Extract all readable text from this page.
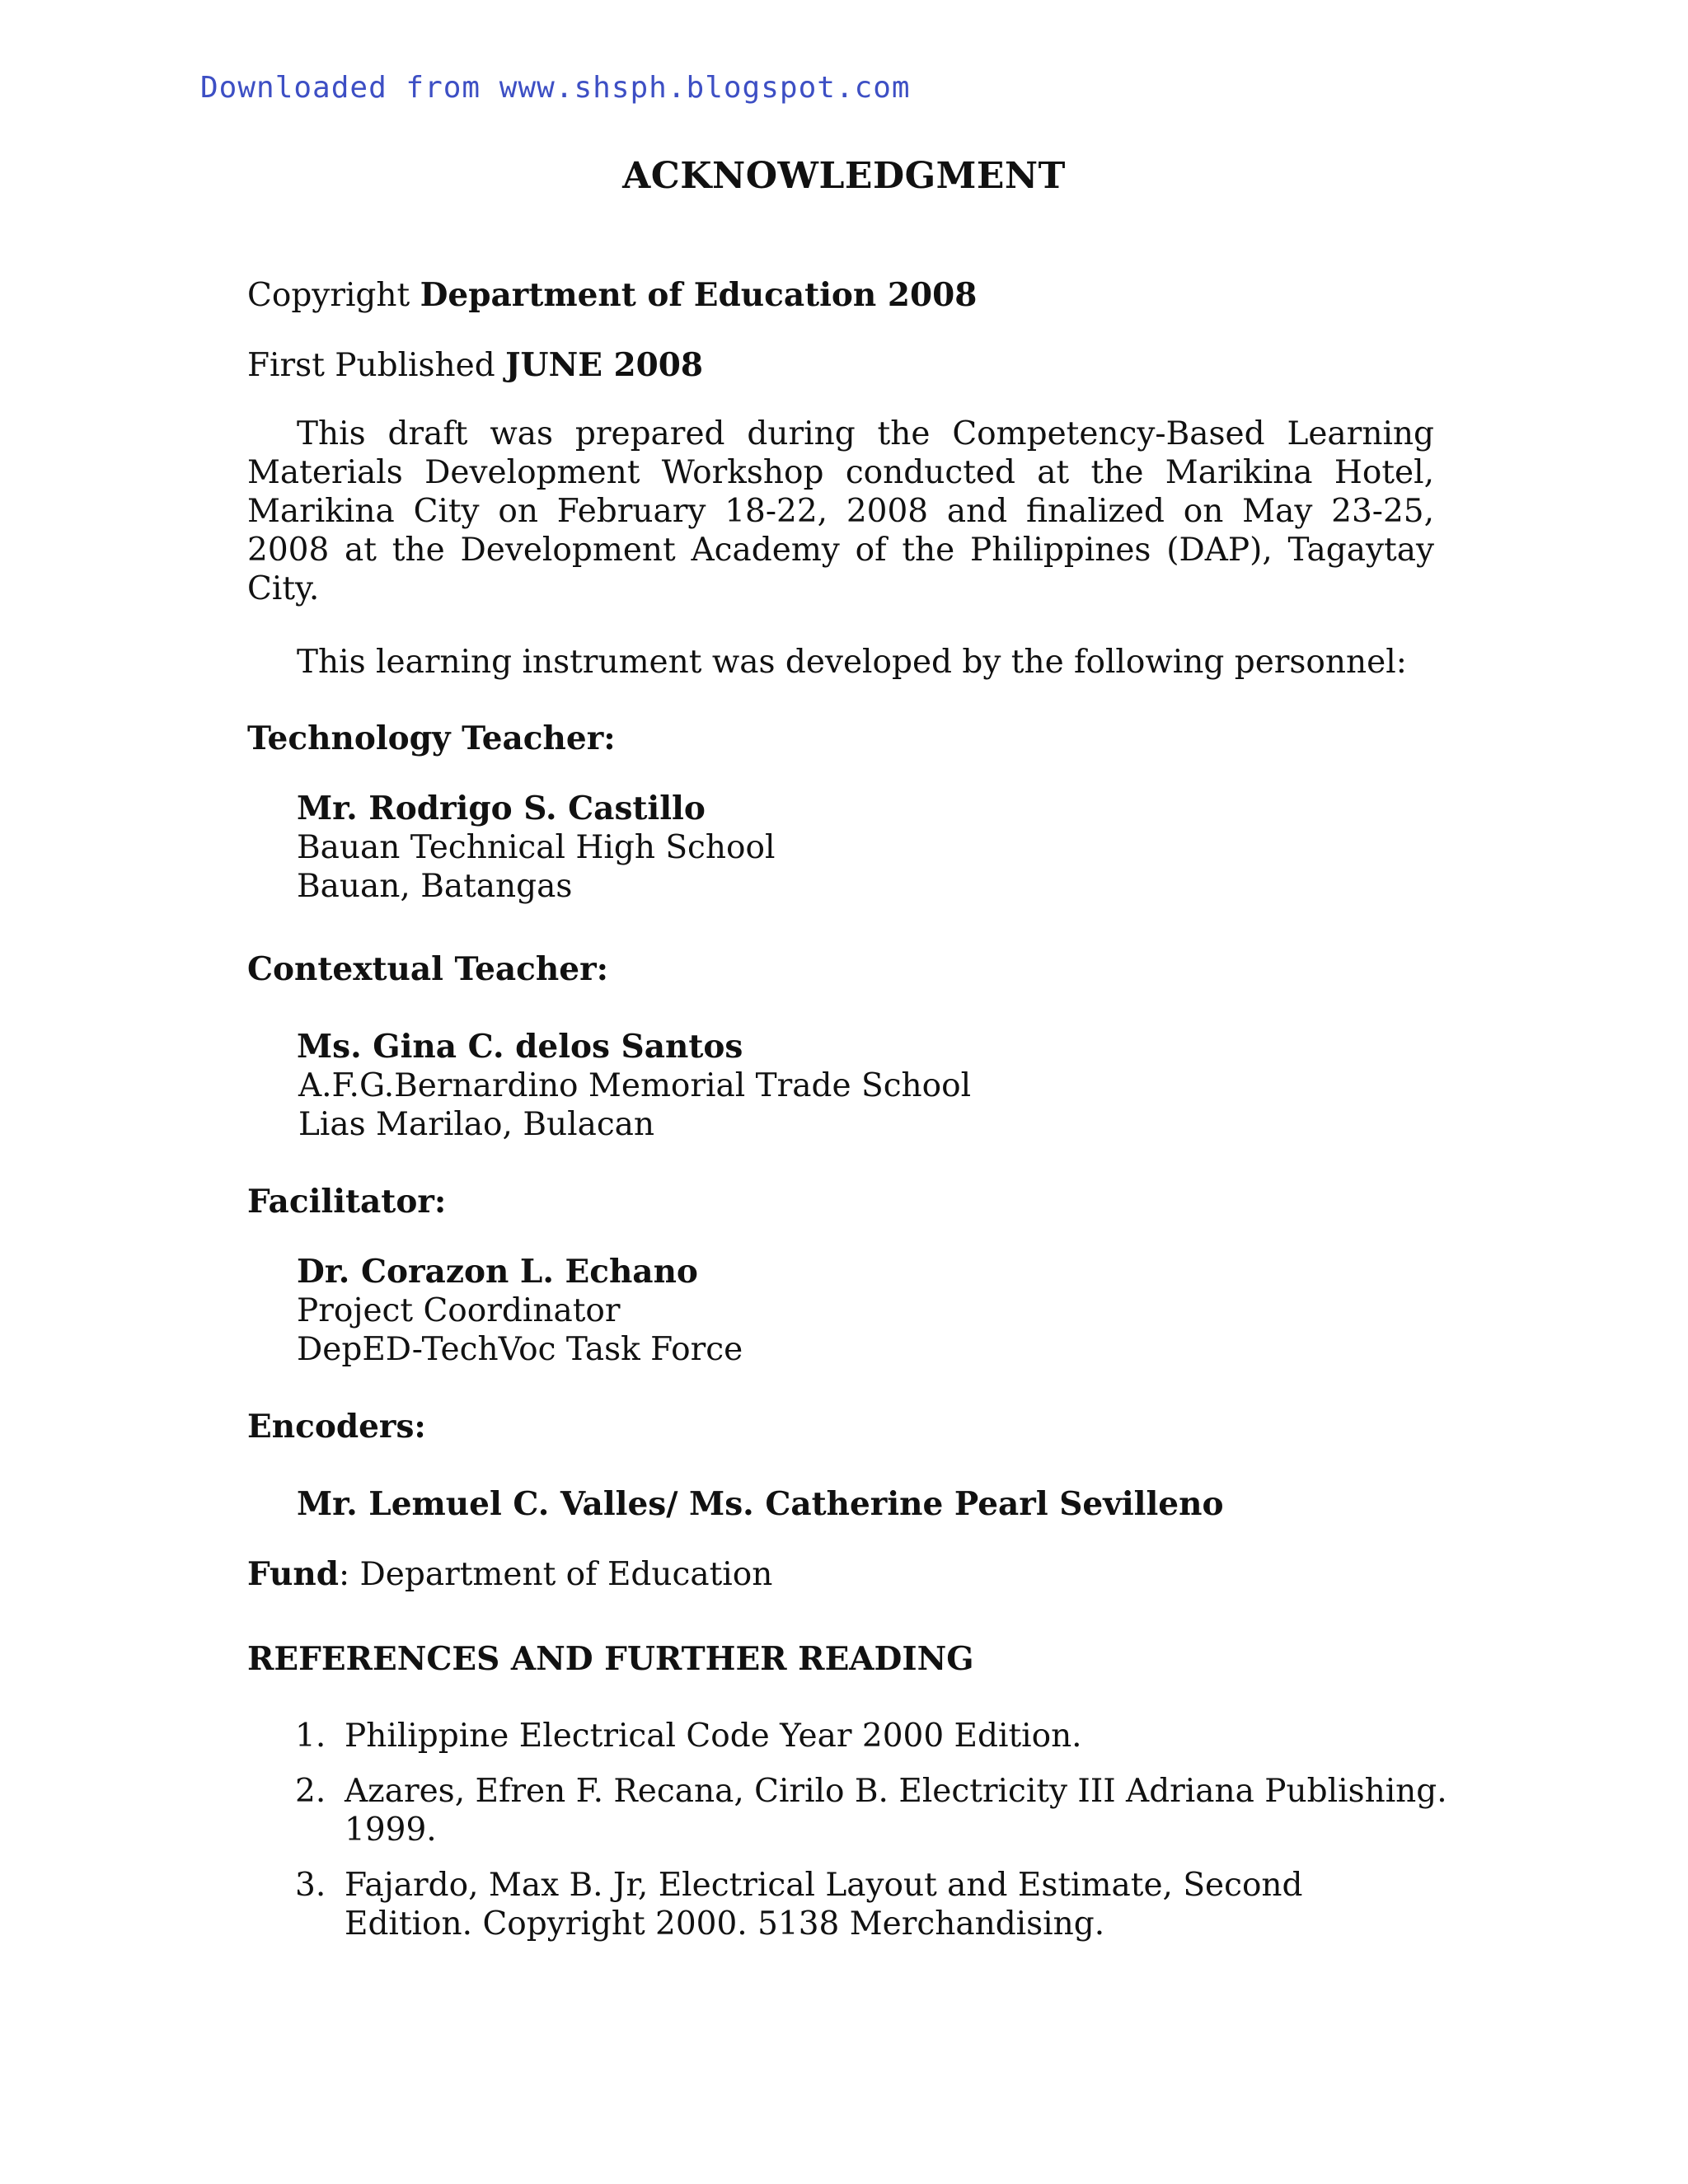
Downloaded from www.shsph.blogspot.com
ACKNOWLEDGMENT
Copyright Department of Education 2008
First Published JUNE 2008
This draft was prepared during the Competency-Based Learning Materials Development Workshop conducted at the Marikina Hotel, Marikina City on February 18-22, 2008 and finalized on May 23-25, 2008 at the Development Academy of the Philippines (DAP), Tagaytay City.
This learning instrument was developed by the following personnel:
Technology Teacher:
Mr. Rodrigo S. Castillo
Bauan Technical High School
Bauan, Batangas
Contextual Teacher:
Ms. Gina C. delos Santos
A.F.G.Bernardino Memorial Trade School
Lias Marilao, Bulacan
Facilitator:
Dr. Corazon L. Echano
Project Coordinator
DepED-TechVoc Task Force
Encoders:
Mr. Lemuel C. Valles/ Ms. Catherine Pearl Sevilleno
Fund: Department of Education
REFERENCES AND FURTHER READING
1. Philippine Electrical Code Year 2000 Edition.
2. Azares, Efren F. Recana, Cirilo B. Electricity III Adriana Publishing. 1999.
3. Fajardo, Max B. Jr, Electrical Layout and Estimate, Second Edition. Copyright 2000. 5138 Merchandising.
